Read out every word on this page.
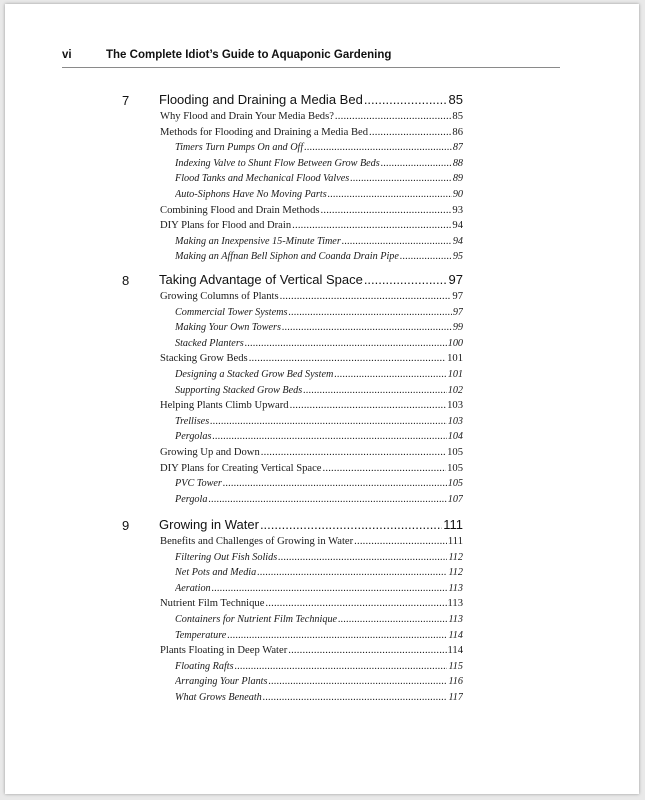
vi	The Complete Idiot’s Guide to Aquaponic Gardening
7 Flooding and Draining a Media Bed .....	85
Why Flood and Drain Your Media Beds? .....	85
Methods for Flooding and Draining a Media Bed .....	86
Timers Turn Pumps On and Off .....	87
Indexing Valve to Shunt Flow Between Grow Beds .....	88
Flood Tanks and Mechanical Flood Valves .....	89
Auto-Siphons Have No Moving Parts .....	90
Combining Flood and Drain Methods .....	93
DIY Plans for Flood and Drain .....	94
Making an Inexpensive 15-Minute Timer .....	94
Making an Affnan Bell Siphon and Coanda Drain Pipe .....	95
8 Taking Advantage of Vertical Space .....	97
Growing Columns of Plants .....	97
Commercial Tower Systems .....	97
Making Your Own Towers .....	99
Stacked Planters .....	100
Stacking Grow Beds .....	101
Designing a Stacked Grow Bed System .....	101
Supporting Stacked Grow Beds .....	102
Helping Plants Climb Upward .....	103
Trellises .....	103
Pergolas .....	104
Growing Up and Down .....	105
DIY Plans for Creating Vertical Space .....	105
PVC Tower .....	105
Pergola .....	107
9 Growing in Water .....	111
Benefits and Challenges of Growing in Water .....	111
Filtering Out Fish Solids .....	112
Net Pots and Media .....	112
Aeration .....	113
Nutrient Film Technique .....	113
Containers for Nutrient Film Technique .....	113
Temperature .....	114
Plants Floating in Deep Water .....	114
Floating Rafts .....	115
Arranging Your Plants .....	116
What Grows Beneath .....	117
